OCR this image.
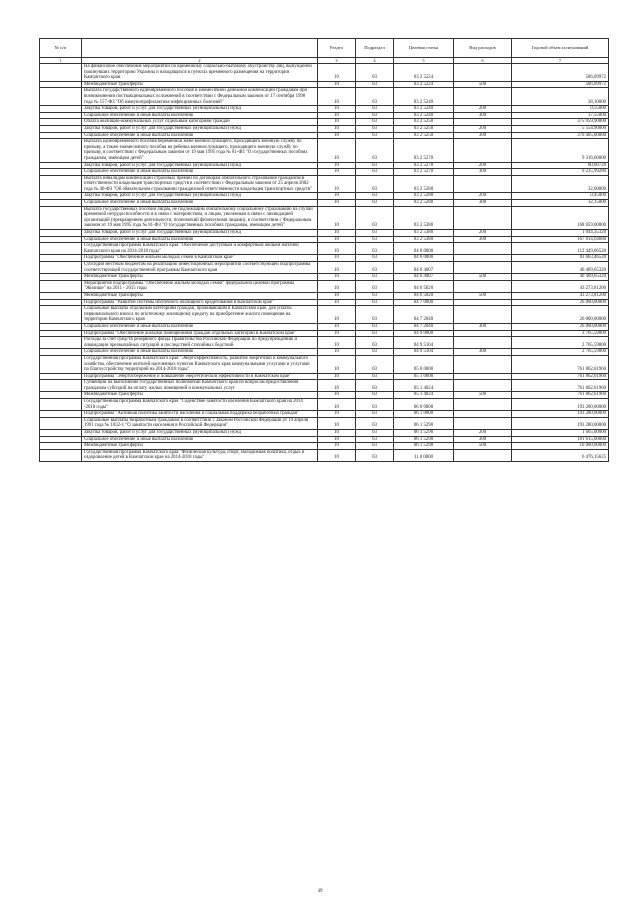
№ п/п		Раздел	Подраздел	Целевая статья	Вид расходов	Годовой объем ассигнований
1	2	3	4	5	6	7
	На финансовое обеспечение мероприятий по временному социально-бытовому обустройству лиц, вынужденно покинувших территорию Украины и находящихся в пунктах временного размещения на территории Камчатского края	10	03	03 2 5224		586,09972
	Межбюджетные трансферты	10	03	03 2 5224	500	586,09972
	Выплата государственного единовременного пособия и ежемесячной денежной компенсации гражданам при возникновении поствакцинальных осложнений в соответствии с Федеральным законом от 17 сентября 1998 года № 157-ФЗ "Об иммунопрофилактике инфекционных болезней"	10	03	03 2 5240		38,10000
	Закупка товаров, работ и услуг для государственных (муниципальных) нужд	10	03	03 2 5240	200	0,55000
	Социальное обеспечение и иные выплаты населению	10	03	03 2 5240	300	37,55000
	Оплата жилищно-коммунальных услуг отдельным категориям граждан	10	03	03 2 5250		375 959,90000
	Закупка товаров, работ и услуг для государственных (муниципальных) нужд	10	03	03 2 5250	200	5 554,90000
	Социальное обеспечение и иные выплаты населению	10	03	03 2 5250	300	370 405,00000
	Выплата единовременного пособия беременной жене военнослужащего, проходящего военную службу по призыву, а также ежемесячного пособия на ребенка военнослужащего, проходящего военную службу по призыву, в соответствии с Федеральным законом от 19 мая 1995 года № 81-ФЗ "О государственных пособиях гражданам, имеющим детей"	10	03	03 2 5270		9 316,60000
	Закупка товаров, работ и услуг для государственных (муниципальных) нужд	10	03	03 2 5270	200	80,60720
	Социальное обеспечение и иные выплаты населению	10	03	03 2 5270	300	9 235,99280
	Выплата инвалидам компенсаций страховых премий по договорам обязательного страхования гражданской ответственности владельцев транспортных средств в соответствии с Федеральным законом от 25 апреля 2002 года № 40-ФЗ "Об обязательном страховании гражданской ответственности владельцев транспортных средств"	10	03	03 2 5280		32,60000
	Закупка товаров, работ и услуг для государственных (муниципальных) нужд	10	03	03 2 5280	200	0,45000
	Социальное обеспечение и иные выплаты населению	10	03	03 2 5280	300	32,15000
	Выплата государственных пособий лицам, не подлежащим обязательному социальному страхованию на случай временной нетрудоспособности и в связи с материнством, и лицам, уволенным в связи с ликвидацией организаций (прекращением деятельности, полномочий физическими лицами), в соответствии с Федеральным законом от 19 мая 1995 года № 81-ФЗ "О государственных пособиях гражданам, имеющим детей"	10	03	03 2 5380		168 059,00000
	Закупка товаров, работ и услуг для государственных (муниципальных) нужд	10	03	03 2 5380	200	1 044,35320
	Социальное обеспечение и иные выплаты населению	10	03	03 2 5380	300	167 014,64680
	Государственная программа Камчатского края "Обеспечение доступным и комфортным жильем жителей Камчатского края на 2014-2018 годы"	10	03	04 0 0000		112 449,06520
	Подпрограмма "Обеспечение жильем молодых семей в Камчатском крае"	10	03	04 6 0000		83 683,46520
	Субсидии местным бюджетам на реализацию инвестиционных мероприятий соответствующей подпрограммы соответствующей государственной программы Камчатского края	10	03	04 6 4007		40 409,65320
	Межбюджетные трансферты	10	03	04 6 4007	500	40 409,65320
	Мероприятия подпрограммы "Обеспечение жильем молодых семей" федеральной целевой программы "Жилище" на 2011 - 2015 годы	10	03	04 6 5020		43 273,81200
	Межбюджетные трансферты	10	03	04 6 5020	500	43 273,81200
	Подпрограмма "Развитие системы ипотечного жилищного кредитования в Камчатском крае"	10	03	04 7 0000		26 000,00000
	Социальные выплаты отдельным категориям граждан, проживающим в Камчатском крае, для уплаты первоначального взноса по ипотечному жилищному кредиту на приобретение жилого помещения на территории Камчатского края	10	03	04 7 2040		26 000,00000
	Социальное обеспечение и иные выплаты населению	10	03	04 7 2040	300	26 000,00000
	Подпрограмма "Обеспечение жилыми помещениями граждан отдельных категорий в Камчатском крае"	10	03	04 9 0000		2 765,59800
	Расходы за счет средств резервного фонда Правительства Российской Федерации по предупреждению и ликвидации чрезвычайных ситуаций и последствий стихийных бедствий	10	03	04 9 5104		2 765,59800
	Социальное обеспечение и иные выплаты населению	10	03	04 9 5104	300	2 765,59800
	Государственная программа Камчатского края "Энергоэффективность, развитие энергетики и коммунального хозяйства, обеспечение жителей населенных пунктов Камчатского края коммунальными услугами и услугами по благоустройству территорий на 2014-2018 годы"	10	03	05 0 0000		761 862,61960
	Подпрограмма "Энергосбережение и повышение энергетической эффективности в Камчатском крае"	10	03	05 1 0000		761 862,61960
	Субвенции на выполнение государственных полномочий Камчатского края по вопросам предоставления гражданам субсидий на оплату жилых помещений и коммунальных услуг	10	03	05 1 4024		761 862,61960
	Межбюджетные трансферты	10	03	05 1 4024	500	761 862,61960
	Государственная программа Камчатского края "Содействие занятости населения Камчатского края на 2014 -2018 годы"	10	03	06 0 0000		193 280,00000
	Подпрограмма "Активная политика занятости населения и социальная поддержка безработных граждан"	10	03	06 1 0000		193 280,00000
	Социальные выплаты безработным гражданам в соответствии с Законом Российской Федерации от 19 апреля 1991 года № 1032-1 "О занятости населения в Российской Федерации"	10	03	06 1 5290		193 280,00000
	Закупка товаров, работ и услуг для государственных (муниципальных) нужд	10	03	06 1 5290	200	1 665,00000
	Социальное обеспечение и иные выплаты населению	10	03	06 1 5290	300	181 615,00000
	Межбюджетные трансферты	10	03	06 1 5290	500	10 000,00000
	Государственная программа Камчатского края "Физическая культура, спорт, молодежная политика, отдых и оздоровление детей в Камчатском крае на 2014-2018 годы"	10	03	11 0 0000		6 476,15625
49
